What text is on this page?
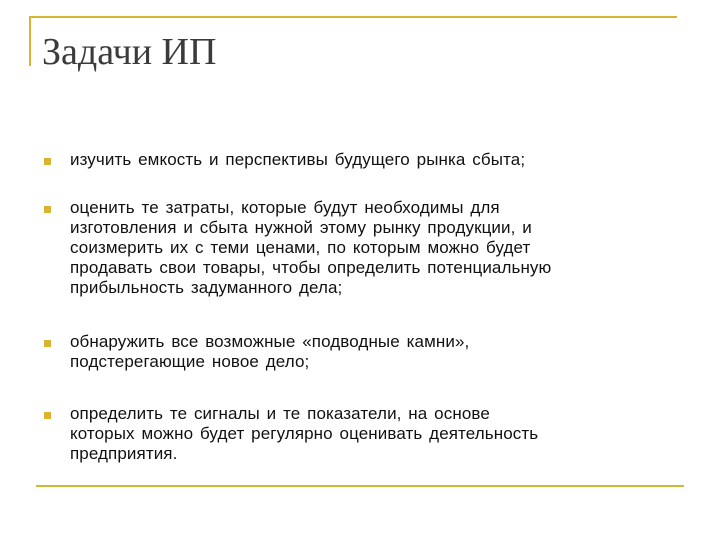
Задачи ИП
изучить емкость и перспективы будущего рынка сбыта;
оценить те затраты, которые будут необходимы для
изготовления и сбыта нужной этому рынку продукции, и
соизмерить их с теми ценами, по которым можно будет
продавать свои товары, чтобы определить потенциальную
прибыльность задуманного дела;
обнаружить все возможные «подводные камни»,
подстерегающие новое дело;
определить те сигналы и те показатели, на основе
которых можно будет регулярно оценивать деятельность
предприятия.
